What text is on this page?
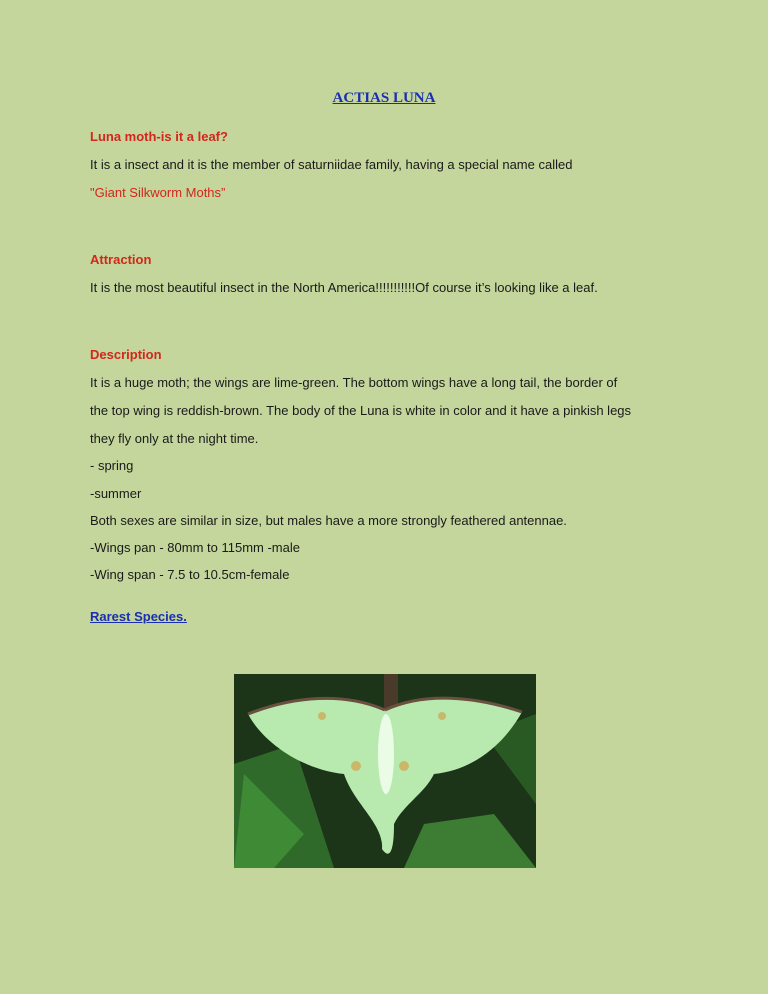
ACTIAS LUNA
Luna moth-is it a leaf?
It is a insect and it is the member of saturniidae family, having a special name called
"Giant Silkworm Moths”
Attraction
It is the most beautiful insect in the North America!!!!!!!!!!!Of course it’s looking like a leaf.
Description
It is a huge moth; the wings are lime-green. The bottom wings have a long tail, the border of
the top wing is reddish-brown. The body of the Luna is white in color and it have a pinkish legs
they fly only at the night time.
- spring
-summer
Both sexes are similar in size, but males have a more strongly feathered antennae.
-Wings pan - 80mm to 115mm -male
-Wing span - 7.5 to 10.5cm-female
Rarest Species.
